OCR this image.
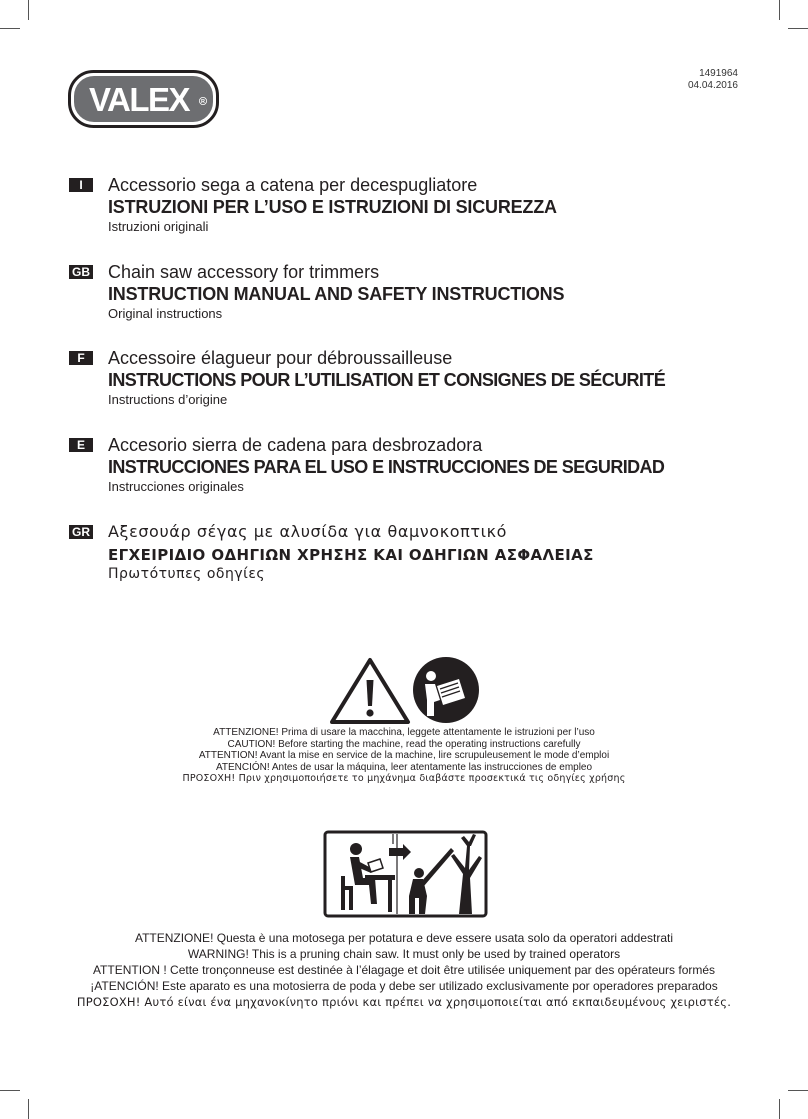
VALEX R
1491964
04.04.2016
I	Accessorio sega a catena per decespugliatore
ISTRUZIONI PER L’USO E ISTRUZIONI DI SICUREZZA
Istruzioni originali
GB Chain saw accessory for trimmers
INSTRUCTION MANUAL AND SAFETY INSTRUCTIONS
Original instructions
F	Accessoire élagueur pour débroussailleuse
INSTRUCTIONS POUR L’UTILISATION ET CONSIGNES DE SÉCURITÉ
Instructions d’origine
E	Accesorio sierra de cadena para desbrozadora
INSTRUCCIONES PARA EL USO E INSTRUCCIONES DE SEGURIDAD
Instrucciones originales
GR Αξεσουάρ σέγας με αλυσίδα για θαμνοκοπτικό
ΕΓΧΕΙΡΙΔΙΟ ΟΔΗΓΙΩΝ ΧΡΗΣΗΣ ΚΑΙ ΟΔΗΓΙΩΝ ΑΣΦΑΛΕΙΑΣ
Πρωτότυπες οδηγίες
ATTENZIONE! Prima di usare la macchina, leggete attentamente le istruzioni per l’uso
CAUTION! Before starting the machine, read the operating instructions carefully
ATTENTION! Avant la mise en service de la machine, lire scrupuleusement le mode d’emploi
ATENCIÓN! Antes de usar la máquina, leer atentamente las instrucciones de empleo
ΠΡΟΣΟΧΗ! Πριν χρησιμοποιήσετε το μηχάνημα διαβάστε προσεκτικά τις οδηγίες χρήσης
ATTENZIONE! Questa è una motosega per potatura e deve essere usata solo da operatori addestrati
WARNING! This is a pruning chain saw. It must only be used by trained operators
ATTENTION ! Cette tronçonneuse est destinée à l’élagage et doit être utilisée uniquement par des opérateurs formés
¡ATENCIÓN! Este aparato es una motosierra de poda y debe ser utilizado exclusivamente por operadores preparados
ΠΡΟΣΟΧΗ! Αυτό είναι ένα μηχανοκίνητο πριόνι και πρέπει να χρησιμοποιείται από εκπαιδευμένους χειριστές.
